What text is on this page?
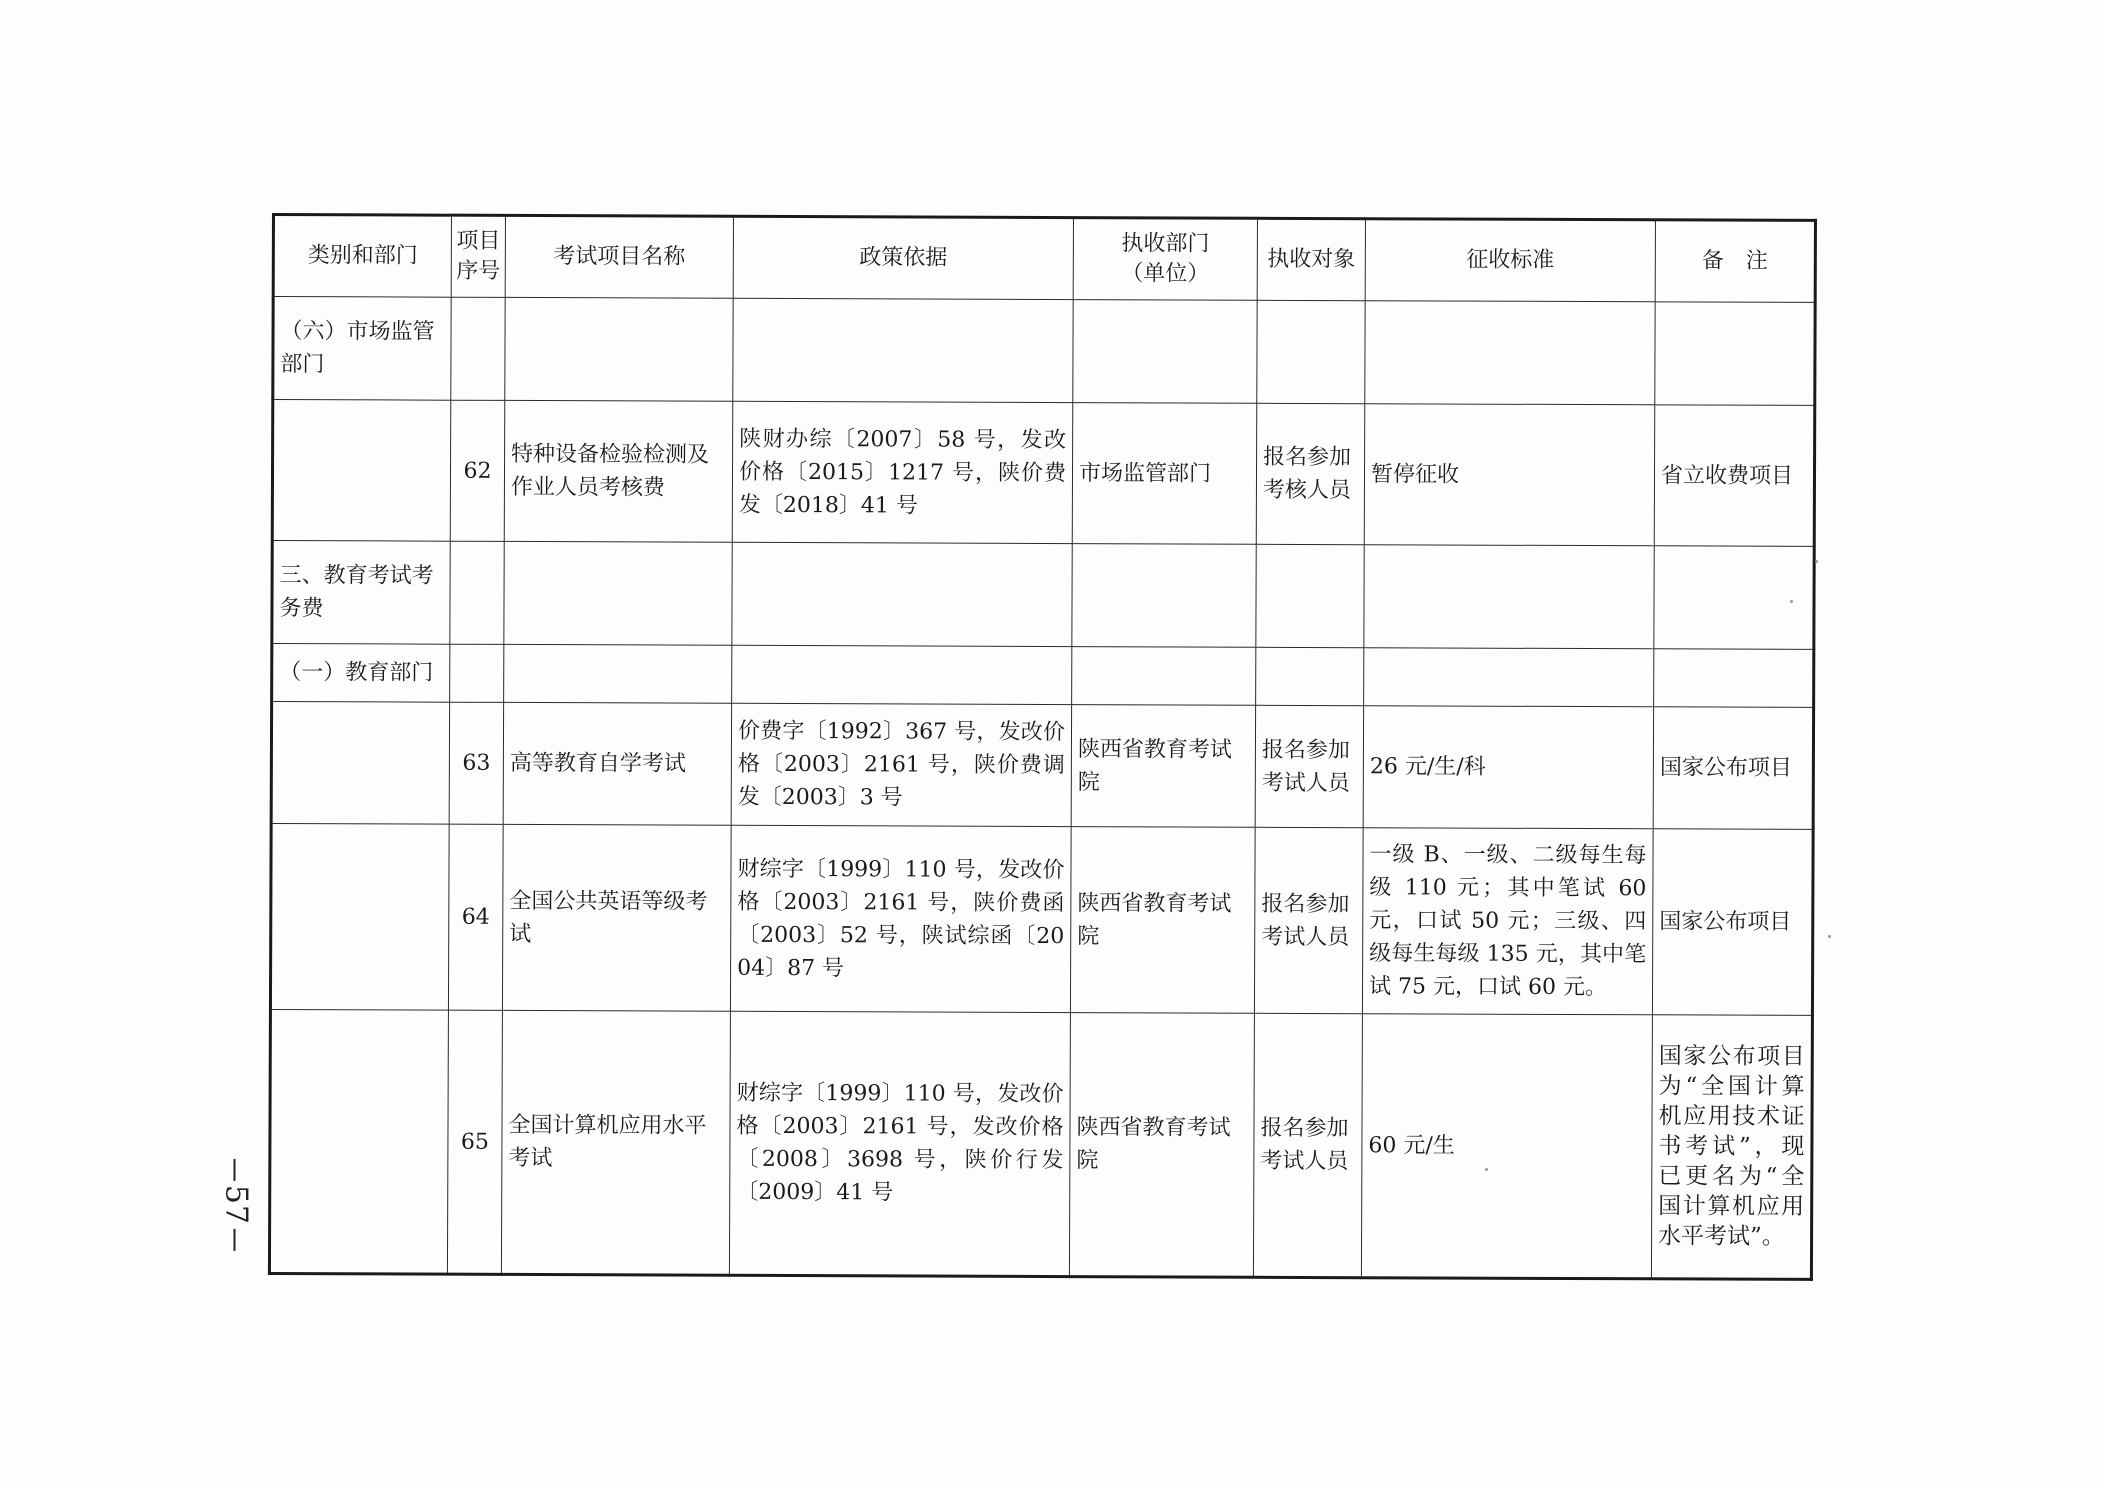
类别和部门	项目序号	考试项目名称	政策依据	执收部门（单位）	执收对象	征收标准	备　注
（六）市场监管部门							
	62	特种设备检验检测及作业人员考核费	陕财办综〔2007〕58 号，发改价格〔2015〕1217 号，陕价费发〔2018〕41 号	市场监管部门	报名参加考核人员	暂停征收	省立收费项目
三、教育考试考务费							
（一）教育部门							
	63	高等教育自学考试	价费字〔1992〕367 号，发改价格〔2003〕2161 号，陕价费调发〔2003〕3 号	陕西省教育考试院	报名参加考试人员	26 元/生/科	国家公布项目
	64	全国公共英语等级考试	财综字〔1999〕110 号，发改价格〔2003〕2161 号，陕价费函〔2003〕52 号，陕试综函〔2004〕87 号	陕西省教育考试院	报名参加考试人员	一级 B、一级、二级每生每级 110 元；其中笔试 60 元，口试 50 元；三级、四级每生每级 135 元，其中笔试 75 元，口试 60 元。	国家公布项目
	65	全国计算机应用水平考试	财综字〔1999〕110 号，发改价格〔2003〕2161 号，发改价格〔2008〕3698 号，陕价行发〔2009〕41 号	陕西省教育考试院	报名参加考试人员	60 元/生	国家公布项目为“全国计算机应用技术证书考试”，现已更名为“全国计算机应用水平考试”。
57
